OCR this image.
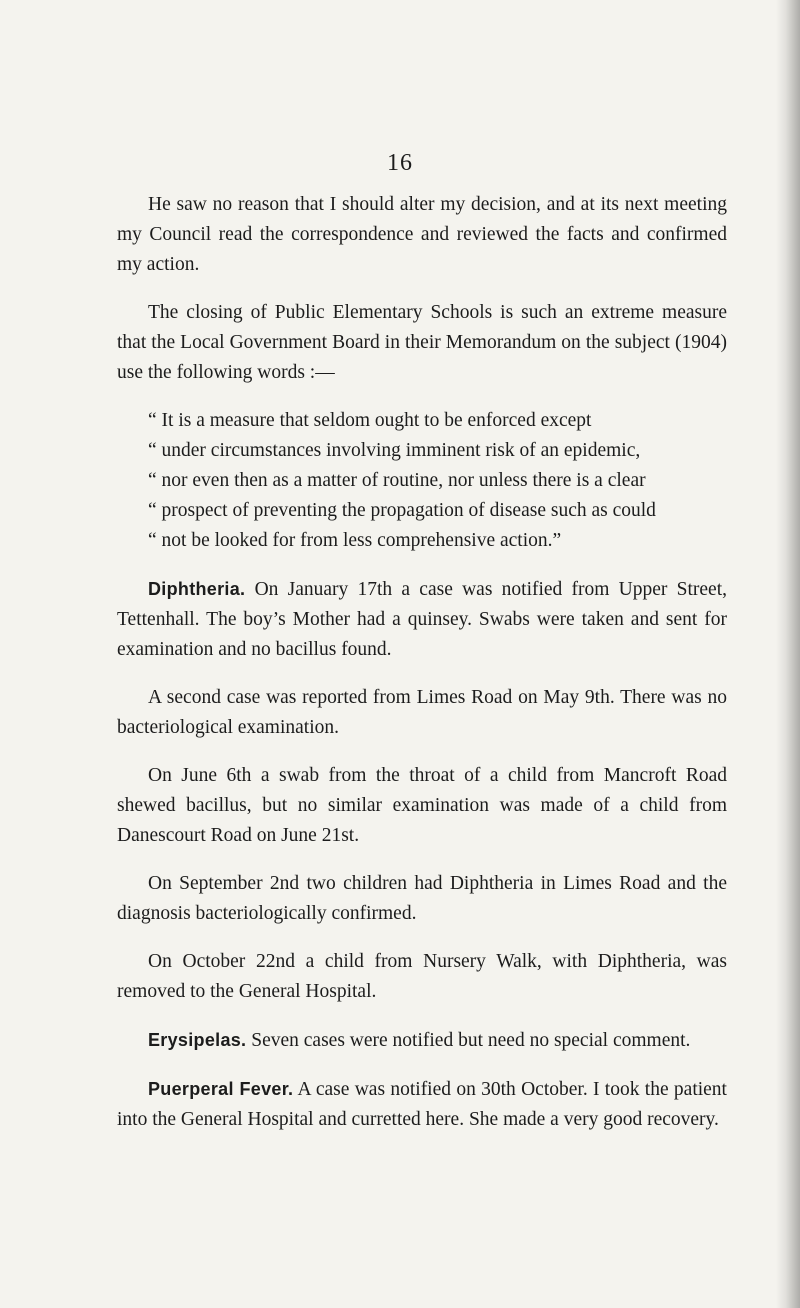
16

He saw no reason that I should alter my decision, and at its next meeting my Council read the correspondence and reviewed the facts and confirmed my action.

The closing of Public Elementary Schools is such an extreme measure that the Local Government Board in their Memorandum on the subject (1904) use the following words :—

“ It is a measure that seldom ought to be enforced except
“ under circumstances involving imminent risk of an epidemic,
“ nor even then as a matter of routine, nor unless there is a clear
“ prospect of preventing the propagation of disease such as could
“ not be looked for from less comprehensive action.”

Diphtheria. On January 17th a case was notified from Upper Street, Tettenhall. The boy’s Mother had a quinsey. Swabs were taken and sent for examination and no bacillus found.

A second case was reported from Limes Road on May 9th. There was no bacteriological examination.

On June 6th a swab from the throat of a child from Mancroft Road shewed bacillus, but no similar examination was made of a child from Danescourt Road on June 21st.

On September 2nd two children had Diphtheria in Limes Road and the diagnosis bacteriologically confirmed.

On October 22nd a child from Nursery Walk, with Diphtheria, was removed to the General Hospital.

Erysipelas. Seven cases were notified but need no special comment.

Puerperal Fever. A case was notified on 30th October. I took the patient into the General Hospital and curretted here. She made a very good recovery.
